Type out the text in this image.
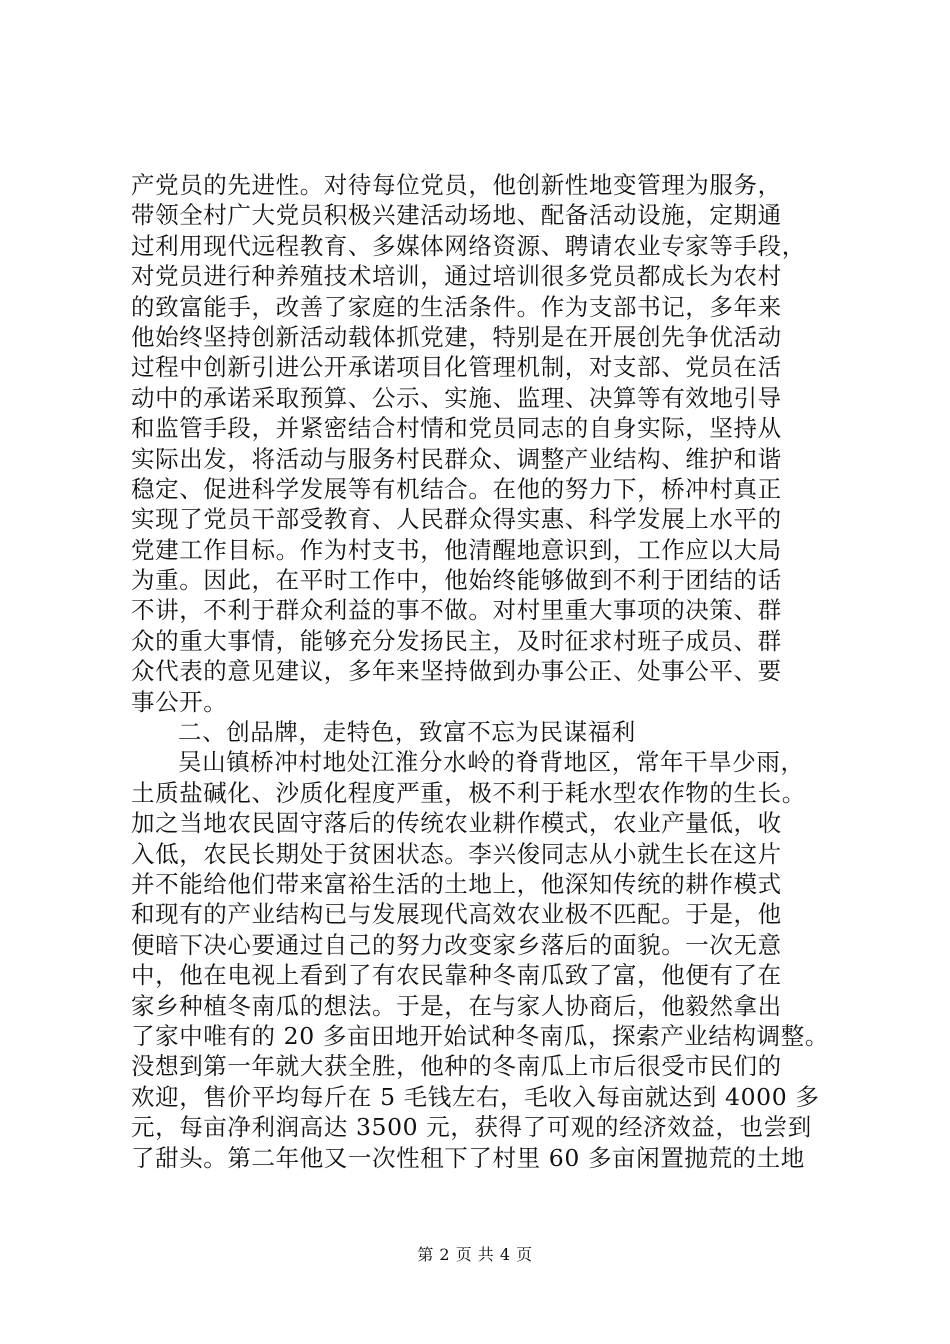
产党员的先进性。对待每位党员，他创新性地变管理为服务，
带领全村广大党员积极兴建活动场地、配备活动设施，定期通
过利用现代远程教育、多媒体网络资源、聘请农业专家等手段，
对党员进行种养殖技术培训，通过培训很多党员都成长为农村
的致富能手，改善了家庭的生活条件。作为支部书记，多年来
他始终坚持创新活动载体抓党建，特别是在开展创先争优活动
过程中创新引进公开承诺项目化管理机制，对支部、党员在活
动中的承诺采取预算、公示、实施、监理、决算等有效地引导
和监管手段，并紧密结合村情和党员同志的自身实际，坚持从
实际出发，将活动与服务村民群众、调整产业结构、维护和谐
稳定、促进科学发展等有机结合。在他的努力下，桥冲村真正
实现了党员干部受教育、人民群众得实惠、科学发展上水平的
党建工作目标。作为村支书，他清醒地意识到，工作应以大局
为重。因此，在平时工作中，他始终能够做到不利于团结的话
不讲，不利于群众利益的事不做。对村里重大事项的决策、群
众的重大事情，能够充分发扬民主，及时征求村班子成员、群
众代表的意见建议，多年来坚持做到办事公正、处事公平、要
事公开。
二、创品牌，走特色，致富不忘为民谋福利
吴山镇桥冲村地处江淮分水岭的脊背地区，常年干旱少雨，
土质盐碱化、沙质化程度严重，极不利于耗水型农作物的生长。
加之当地农民固守落后的传统农业耕作模式，农业产量低，收
入低，农民长期处于贫困状态。李兴俊同志从小就生长在这片
并不能给他们带来富裕生活的土地上，他深知传统的耕作模式
和现有的产业结构已与发展现代高效农业极不匹配。于是，他
便暗下决心要通过自己的努力改变家乡落后的面貌。一次无意
中，他在电视上看到了有农民靠种冬南瓜致了富，他便有了在
家乡种植冬南瓜的想法。于是，在与家人协商后，他毅然拿出
了家中唯有的 20 多亩田地开始试种冬南瓜，探索产业结构调整。
没想到第一年就大获全胜，他种的冬南瓜上市后很受市民们的
欢迎，售价平均每斤在 5 毛钱左右，毛收入每亩就达到 4000 多
元，每亩净利润高达 3500 元，获得了可观的经济效益，也尝到
了甜头。第二年他又一次性租下了村里 60 多亩闲置抛荒的土地
第 2 页 共 4 页
